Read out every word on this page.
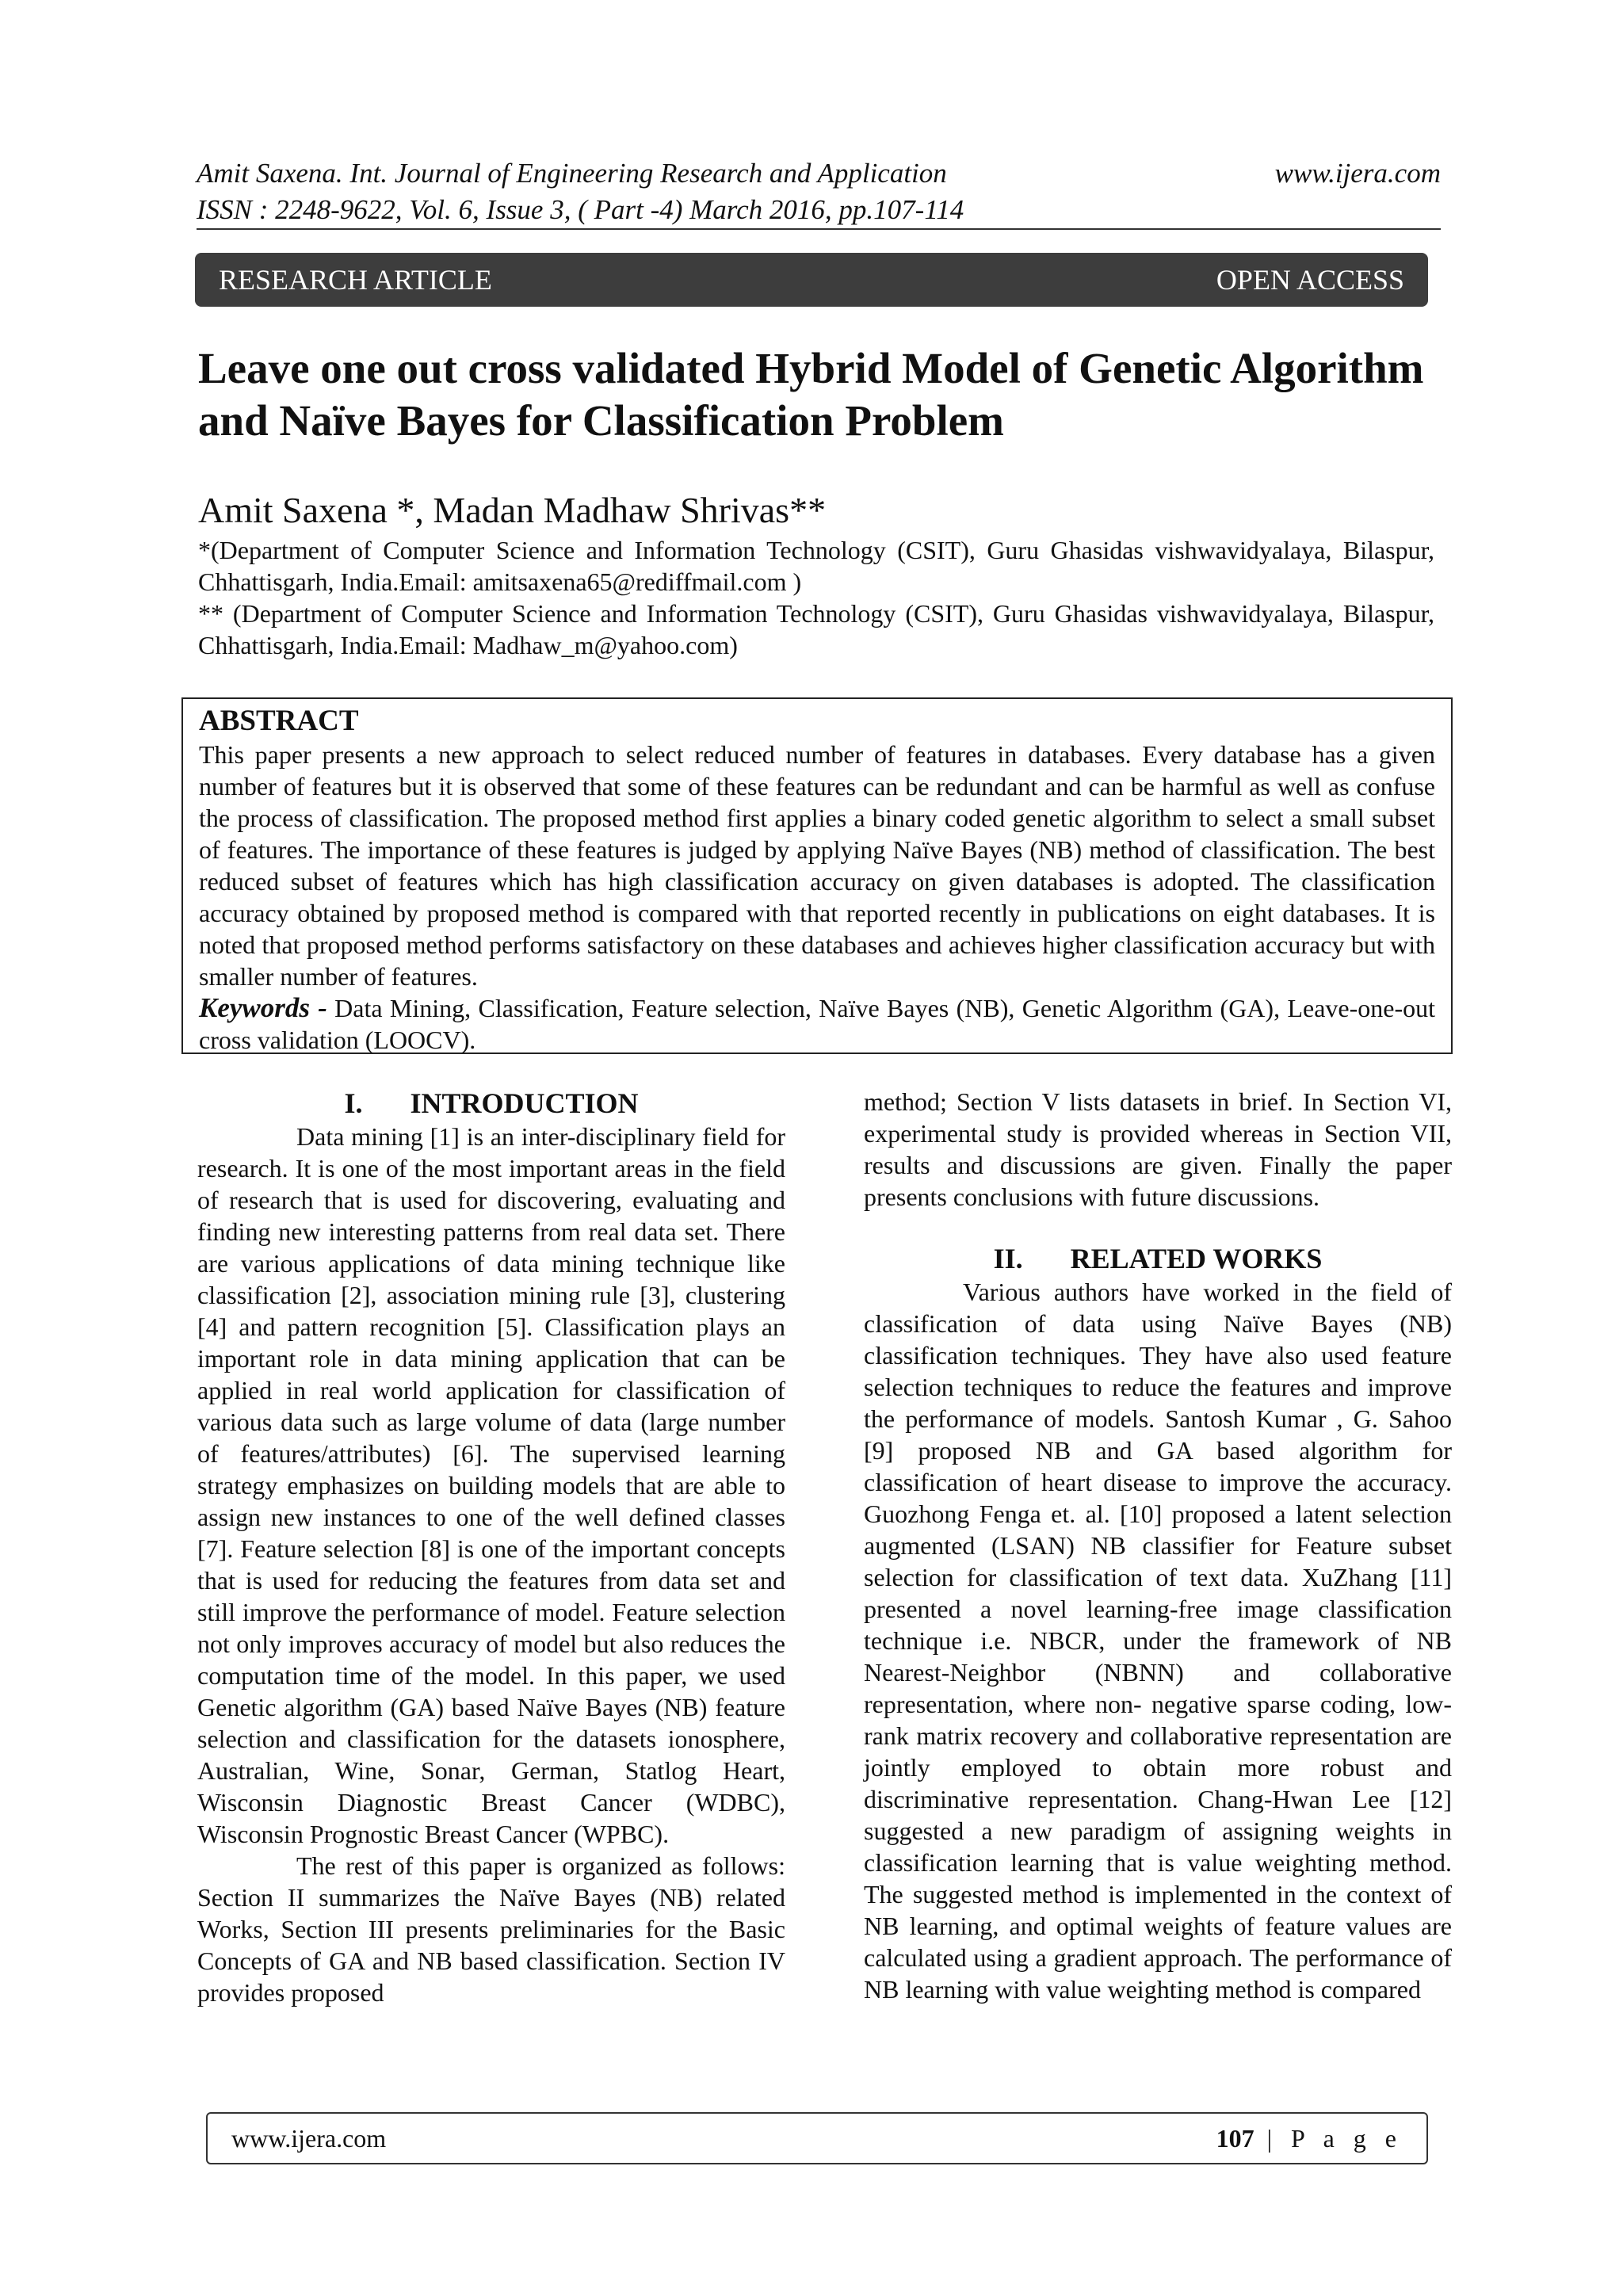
Amit Saxena. Int. Journal of Engineering Research and Application	www.ijera.com
ISSN : 2248-9622, Vol. 6, Issue 3, ( Part -4) March 2016, pp.107-114
RESEARCH ARTICLE	OPEN ACCESS
Leave one out cross validated Hybrid Model of Genetic Algorithm and Naïve Bayes for Classification Problem
Amit Saxena *, Madan Madhaw Shrivas**

*(Department of Computer Science and Information Technology (CSIT), Guru Ghasidas vishwavidyalaya, Bilaspur, Chhattisgarh, India.Email: amitsaxena65@rediffmail.com )

** (Department of Computer Science and Information Technology (CSIT), Guru Ghasidas vishwavidyalaya, Bilaspur, Chhattisgarh, India.Email: Madhaw_m@yahoo.com)

ABSTRACT

This paper presents a new approach to select reduced number of features in databases. Every database has a given number of features but it is observed that some of these features can be redundant and can be harmful as well as confuse the process of classification. The proposed method first applies a binary coded genetic algorithm to select a small subset of features. The importance of these features is judged by applying Naïve Bayes (NB) method of classification. The best reduced subset of features which has high classification accuracy on given databases is adopted. The classification accuracy obtained by proposed method is compared with that reported recently in publications on eight databases. It is noted that proposed method performs satisfactory on these databases and achieves higher classification accuracy but with smaller number of features.

Keywords - Data Mining, Classification, Feature selection, Naïve Bayes (NB), Genetic Algorithm (GA), Leave-one-out cross validation (LOOCV).

I. INTRODUCTION

Data mining [1] is an inter-disciplinary field for research. It is one of the most important areas in the field of research that is used for discovering, evaluating and finding new interesting patterns from real data set. There are various applications of data mining technique like classification [2], association mining rule [3], clustering [4] and pattern recognition [5]. Classification plays an important role in data mining application that can be applied in real world application for classification of various data such as large volume of data (large number of features/attributes) [6]. The supervised learning strategy emphasizes on building models that are able to assign new instances to one of the well defined classes [7]. Feature selection [8] is one of the important concepts that is used for reducing the features from data set and still improve the performance of model. Feature selection not only improves accuracy of model but also reduces the computation time of the model. In this paper, we used Genetic algorithm (GA) based Naïve Bayes (NB) feature selection and classification for the datasets ionosphere, Australian, Wine, Sonar, German, Statlog Heart, Wisconsin Diagnostic Breast Cancer (WDBC), Wisconsin Prognostic Breast Cancer (WPBC).

The rest of this paper is organized as follows: Section II summarizes the Naïve Bayes (NB) related Works, Section III presents preliminaries for the Basic Concepts of GA and NB based classification. Section IV provides proposed

method; Section V lists datasets in brief. In Section VI, experimental study is provided whereas in Section VII, results and discussions are given. Finally the paper presents conclusions with future discussions.

II. RELATED WORKS

Various authors have worked in the field of classification of data using Naïve Bayes (NB) classification techniques. They have also used feature selection techniques to reduce the features and improve the performance of models. Santosh Kumar , G. Sahoo [9] proposed NB and GA based algorithm for classification of heart disease to improve the accuracy. Guozhong Fenga et. al. [10] proposed a latent selection augmented (LSAN) NB classifier for Feature subset selection for classification of text data. XuZhang [11] presented a novel learning-free image classification technique i.e. NBCR, under the framework of NB Nearest-Neighbor (NBNN) and collaborative representation, where non- negative sparse coding, low-rank matrix recovery and collaborative representation are jointly employed to obtain more robust and discriminative representation. Chang-Hwan Lee [12] suggested a new paradigm of assigning weights in classification learning that is value weighting method. The suggested method is implemented in the context of NB learning, and optimal weights of feature values are calculated using a gradient approach. The performance of NB learning with value weighting method is compared

www.ijera.com	107 | P a g e
